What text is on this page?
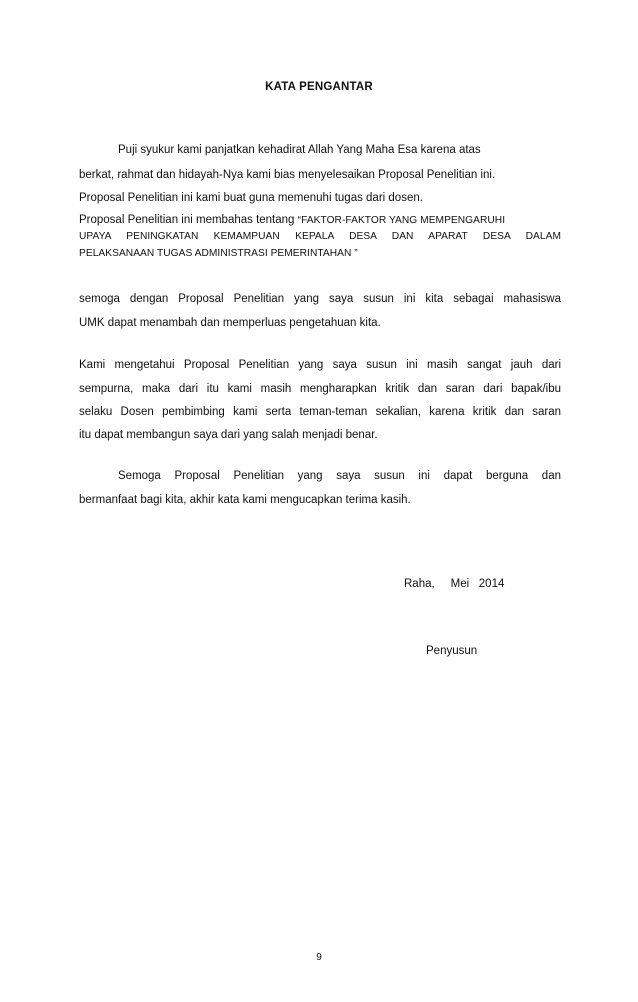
KATA PENGANTAR
Puji syukur kami panjatkan kehadirat Allah Yang Maha Esa karena atas
berkat, rahmat dan hidayah-Nya kami bias menyelesaikan Proposal Penelitian ini.
Proposal Penelitian ini kami buat guna memenuhi tugas dari dosen.
Proposal Penelitian ini membahas tentang “FAKTOR-FAKTOR YANG MEMPENGARUHI
UPAYA PENINGKATAN KEMAMPUAN KEPALA DESA DAN APARAT DESA DALAM
PELAKSANAAN TUGAS ADMINISTRASI PEMERINTAHAN ”
semoga dengan Proposal Penelitian yang saya susun ini kita sebagai mahasiswa
UMK dapat menambah dan memperluas pengetahuan kita.
Kami mengetahui Proposal Penelitian yang saya susun ini masih sangat jauh dari
sempurna, maka dari itu kami masih mengharapkan kritik dan saran dari bapak/ibu
selaku Dosen pembimbing kami serta teman-teman sekalian, karena kritik dan saran
itu dapat membangun saya dari yang salah menjadi benar.
Semoga Proposal Penelitian yang saya susun ini dapat berguna dan
bermanfaat bagi kita, akhir kata kami mengucapkan terima kasih.
Raha,     Mei   2014
Penyusun
9
